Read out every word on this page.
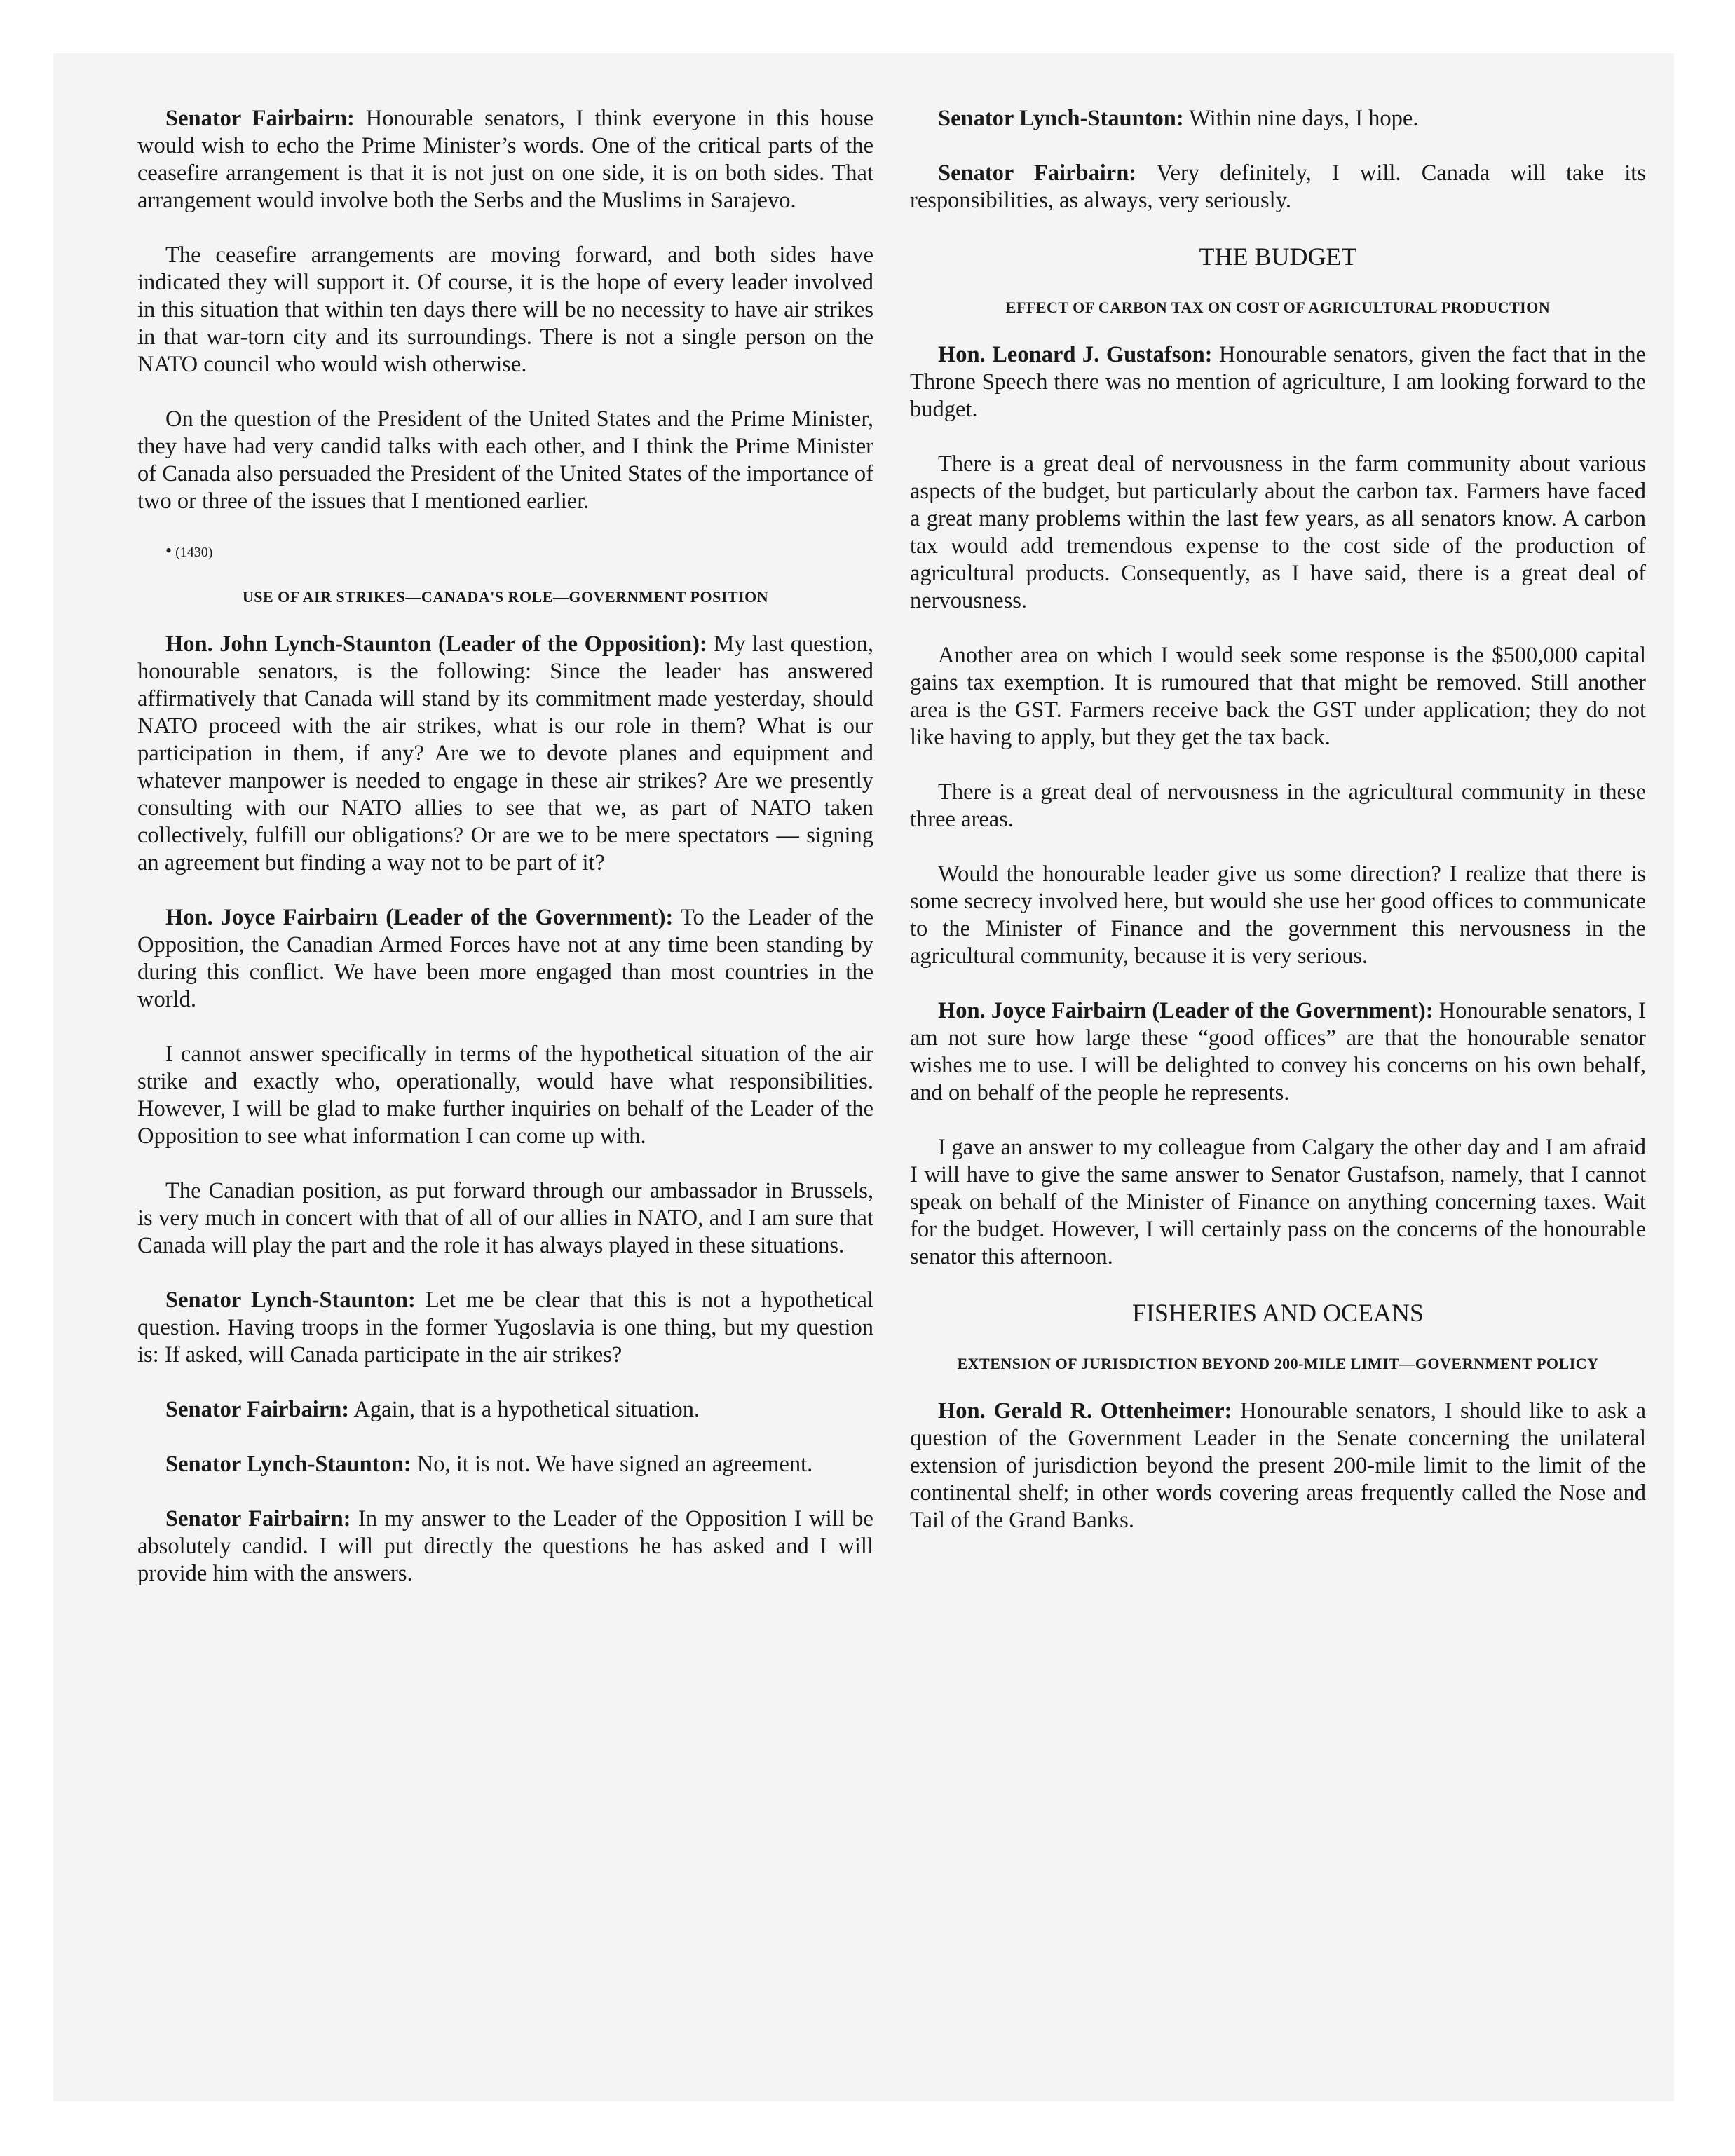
Senator Fairbairn: Honourable senators, I think everyone in this house would wish to echo the Prime Minister’s words. One of the critical parts of the ceasefire arrangement is that it is not just on one side, it is on both sides. That arrangement would involve both the Serbs and the Muslims in Sarajevo.

The ceasefire arrangements are moving forward, and both sides have indicated they will support it. Of course, it is the hope of every leader involved in this situation that within ten days there will be no necessity to have air strikes in that war-torn city and its surroundings. There is not a single person on the NATO council who would wish otherwise.

On the question of the President of the United States and the Prime Minister, they have had very candid talks with each other, and I think the Prime Minister of Canada also persuaded the President of the United States of the importance of two or three of the issues that I mentioned earlier.

• (1430)
USE OF AIR STRIKES—CANADA'S ROLE—GOVERNMENT POSITION

Hon. John Lynch-Staunton (Leader of the Opposition): My last question, honourable senators, is the following: Since the leader has answered affirmatively that Canada will stand by its commitment made yesterday, should NATO proceed with the air strikes, what is our role in them? What is our participation in them, if any? Are we to devote planes and equipment and whatever manpower is needed to engage in these air strikes? Are we presently consulting with our NATO allies to see that we, as part of NATO taken collectively, fulfill our obligations? Or are we to be mere spectators — signing an agreement but finding a way not to be part of it?

Hon. Joyce Fairbairn (Leader of the Government): To the Leader of the Opposition, the Canadian Armed Forces have not at any time been standing by during this conflict. We have been more engaged than most countries in the world.

I cannot answer specifically in terms of the hypothetical situation of the air strike and exactly who, operationally, would have what responsibilities. However, I will be glad to make further inquiries on behalf of the Leader of the Opposition to see what information I can come up with.

The Canadian position, as put forward through our ambassador in Brussels, is very much in concert with that of all of our allies in NATO, and I am sure that Canada will play the part and the role it has always played in these situations.

Senator Lynch-Staunton: Let me be clear that this is not a hypothetical question. Having troops in the former Yugoslavia is one thing, but my question is: If asked, will Canada participate in the air strikes?

Senator Fairbairn: Again, that is a hypothetical situation.

Senator Lynch-Staunton: No, it is not. We have signed an agreement.

Senator Fairbairn: In my answer to the Leader of the Opposition I will be absolutely candid. I will put directly the questions he has asked and I will provide him with the answers.

Senator Lynch-Staunton: Within nine days, I hope.

Senator Fairbairn: Very definitely, I will. Canada will take its responsibilities, as always, very seriously.

THE BUDGET
EFFECT OF CARBON TAX ON COST OF AGRICULTURAL PRODUCTION

Hon. Leonard J. Gustafson: Honourable senators, given the fact that in the Throne Speech there was no mention of agriculture, I am looking forward to the budget.

There is a great deal of nervousness in the farm community about various aspects of the budget, but particularly about the carbon tax. Farmers have faced a great many problems within the last few years, as all senators know. A carbon tax would add tremendous expense to the cost side of the production of agricultural products. Consequently, as I have said, there is a great deal of nervousness.

Another area on which I would seek some response is the $500,000 capital gains tax exemption. It is rumoured that that might be removed. Still another area is the GST. Farmers receive back the GST under application; they do not like having to apply, but they get the tax back.

There is a great deal of nervousness in the agricultural community in these three areas.

Would the honourable leader give us some direction? I realize that there is some secrecy involved here, but would she use her good offices to communicate to the Minister of Finance and the government this nervousness in the agricultural community, because it is very serious.

Hon. Joyce Fairbairn (Leader of the Government): Honourable senators, I am not sure how large these “good offices” are that the honourable senator wishes me to use. I will be delighted to convey his concerns on his own behalf, and on behalf of the people he represents.

I gave an answer to my colleague from Calgary the other day and I am afraid I will have to give the same answer to Senator Gustafson, namely, that I cannot speak on behalf of the Minister of Finance on anything concerning taxes. Wait for the budget. However, I will certainly pass on the concerns of the honourable senator this afternoon.

FISHERIES AND OCEANS
EXTENSION OF JURISDICTION BEYOND 200-MILE LIMIT—GOVERNMENT POLICY

Hon. Gerald R. Ottenheimer: Honourable senators, I should like to ask a question of the Government Leader in the Senate concerning the unilateral extension of jurisdiction beyond the present 200-mile limit to the limit of the continental shelf; in other words covering areas frequently called the Nose and Tail of the Grand Banks.
